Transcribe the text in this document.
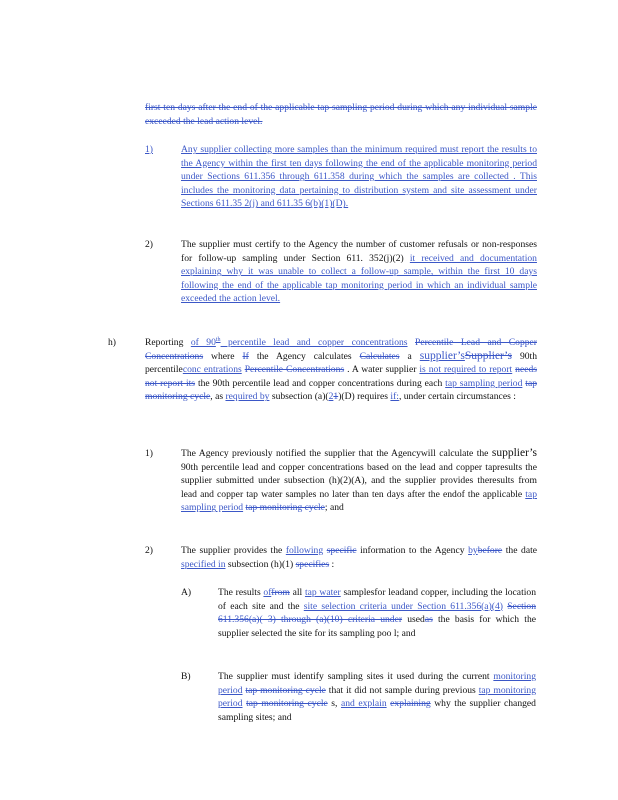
first ten days after the end of the applicable tap sampling period during which any individual sample exceeded the lead action level.
1)	Any supplier collecting more samples than the minimum required must report the results to the Agency within the first ten days following the end of the applicable monitoring period under Sections 611.356 through 611.358 during which the samples are collected . This includes the monitoring data pertaining to distribution system and site assessment under Sections 611.35 2(j) and 611.35 6(b)(1)(D).
2)	The supplier must certify to the Agency the number of customer refusals or non-responses for follow-up sampling under Section 611. 352(j)(2) it received and documentation explaining why it was unable to collect a follow-up sample, within the first 10 days following the end of the applicable tap monitoring period in which an individual sample exceeded the action level.
h)	Reporting of 90th percentile lead and copper concentrations Percentile Lead and Copper Concentrations where If the Agency calculates Calculates a supplier’sSupplier’s 90th percentileconc entrations Percentile Concentrations . A water supplier is not required to report needs not report its the 90th percentile lead and copper concentrations during each tap sampling period tap monitoring cycle, as required by subsection (a)(21)(D) requires if:, under certain circumstances :
1)	The Agency previously notified the supplier that the Agencywill calculate the supplier’s 90th percentile lead and copper concentrations based on the lead and copper tapresults the supplier submitted under subsection (h)(2)(A), and the supplier provides theresults from lead and copper tap water samples no later than ten days after the endof the applicable tap sampling period tap monitoring cycle; and
2)	The supplier provides the following specific information to the Agency bybefore the date specified in subsection (h)(1) specifies :
A)	The results offrom all tap water samplesfor leadand copper, including the location of each site and the site selection criteria under Section 611.356(a)(4) Section 611.356(a)( 3) through (a)(10) criteria under usedas the basis for which the supplier selected the site for its sampling poo l; and
B)	The supplier must identify sampling sites it used during the current monitoring period tap monitoring cycle that it did not sample during previous tap monitoring period tap monitoring cycle s, and explain explaining why the supplier changed sampling sites; and
